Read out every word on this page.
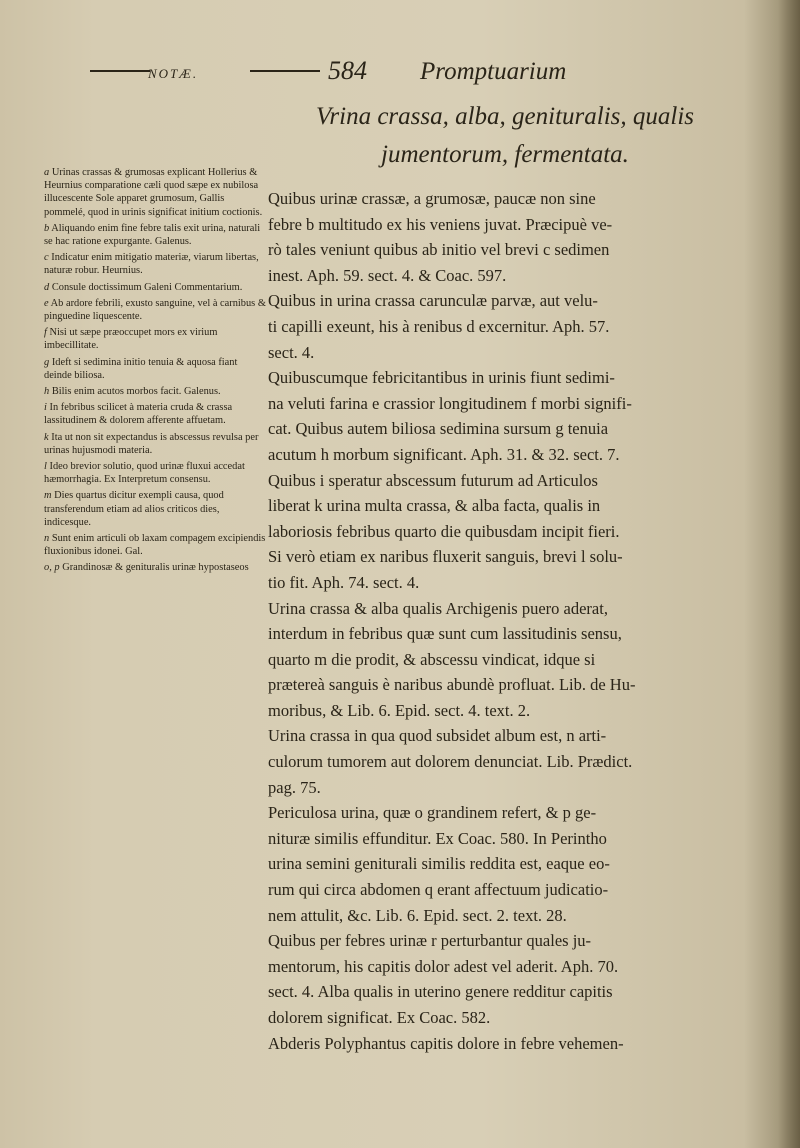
NOTÆ.	584 Promptuarium
Vrina crassa, alba, genituralis, qualis
jumentorum, fermentata.

a Urinas crassas & grumosas explicant Hollerius & Heurnius comparatione cæli quod sæpe ex nubilosa illucescente Sole apparet grumosum, Gallis pommelé, quod in urinis significat initium coctionis.

b Aliquando enim fine febre talis exit urina, naturali se hac ratione expurgante. Galenus.

c Indicatur enim mitigatio materiæ, viarum libertas, naturæ robur. Heurnius.

d Consule doctissimum Galeni Commentarium.

e Ab ardore febrili, exusto sanguine, vel à carnibus & pinguedine liquescente.

f Nisi ut sæpe præoccupet mors ex virium imbecillitate.

g Ideft si sedimina initio tenuia & aquosa fiant deinde biliosa.

h Bilis enim acutos morbos facit. Galenus.

i In febribus scilicet à materia cruda & crassa lassitudinem & dolorem afferente affuetam.

k Ita ut non sit expectandus is abscessus revulsa per urinas hujusmodi materia.

l Ideo brevior solutio, quod urinæ fluxui accedat hæmorrhagia. Ex Interpretum consensu.

m Dies quartus dicitur exempli causa, quod transferendum etiam ad alios criticos dies, indicesque.

n Sunt enim articuli ob laxam compagem excipiendis fluxionibus idonei. Gal.

o, p Grandinosæ & genituralis urinæ hypostaseos

Quibus urinæ crassæ, a grumosæ, paucæ non sine
febre b multitudo ex his veniens juvat. Præcipuè ve-
rò tales veniunt quibus ab initio vel brevi c sedimen
inest. Aph. 59. sect. 4. & Coac. 597.
Quibus in urina crassa carunculæ parvæ, aut velu-
ti capilli exeunt, his à renibus d excernitur. Aph. 57.
sect. 4.
Quibuscumque febricitantibus in urinis fiunt sedimi-
na veluti farina e crassior longitudinem f morbi signifi-
cat. Quibus autem biliosa sedimina sursum g tenuia
acutum h morbum significant. Aph. 31. & 32. sect. 7.
Quibus i speratur abscessum futurum ad Articulos
liberat k urina multa crassa, & alba facta, qualis in
laboriosis febribus quarto die quibusdam incipit fieri.
Si verò etiam ex naribus fluxerit sanguis, brevi l solu-
tio fit. Aph. 74. sect. 4.
Urina crassa & alba qualis Archigenis puero aderat,
interdum in febribus quæ sunt cum lassitudinis sensu,
quarto m die prodit, & abscessu vindicat, idque si
prætereà sanguis è naribus abundè profluat. Lib. de Hu-
moribus, & Lib. 6. Epid. sect. 4. text. 2.
Urina crassa in qua quod subsidet album est, n arti-
culorum tumorem aut dolorem denunciat. Lib. Prædict.
pag. 75.
Periculosa urina, quæ o grandinem refert, & p ge-
nituræ similis effunditur. Ex Coac. 580. In Perintho
urina semini geniturali similis reddita est, eaque eo-
rum qui circa abdomen q erant affectuum judicatio-
nem attulit, &c. Lib. 6. Epid. sect. 2. text. 28.
Quibus per febres urinæ r perturbantur quales ju-
mentorum, his capitis dolor adest vel aderit. Aph. 70.
sect. 4. Alba qualis in uterino genere redditur capitis
dolorem significat. Ex Coac. 582.
Abderis Polyphantus capitis dolore in febre vehemen-
